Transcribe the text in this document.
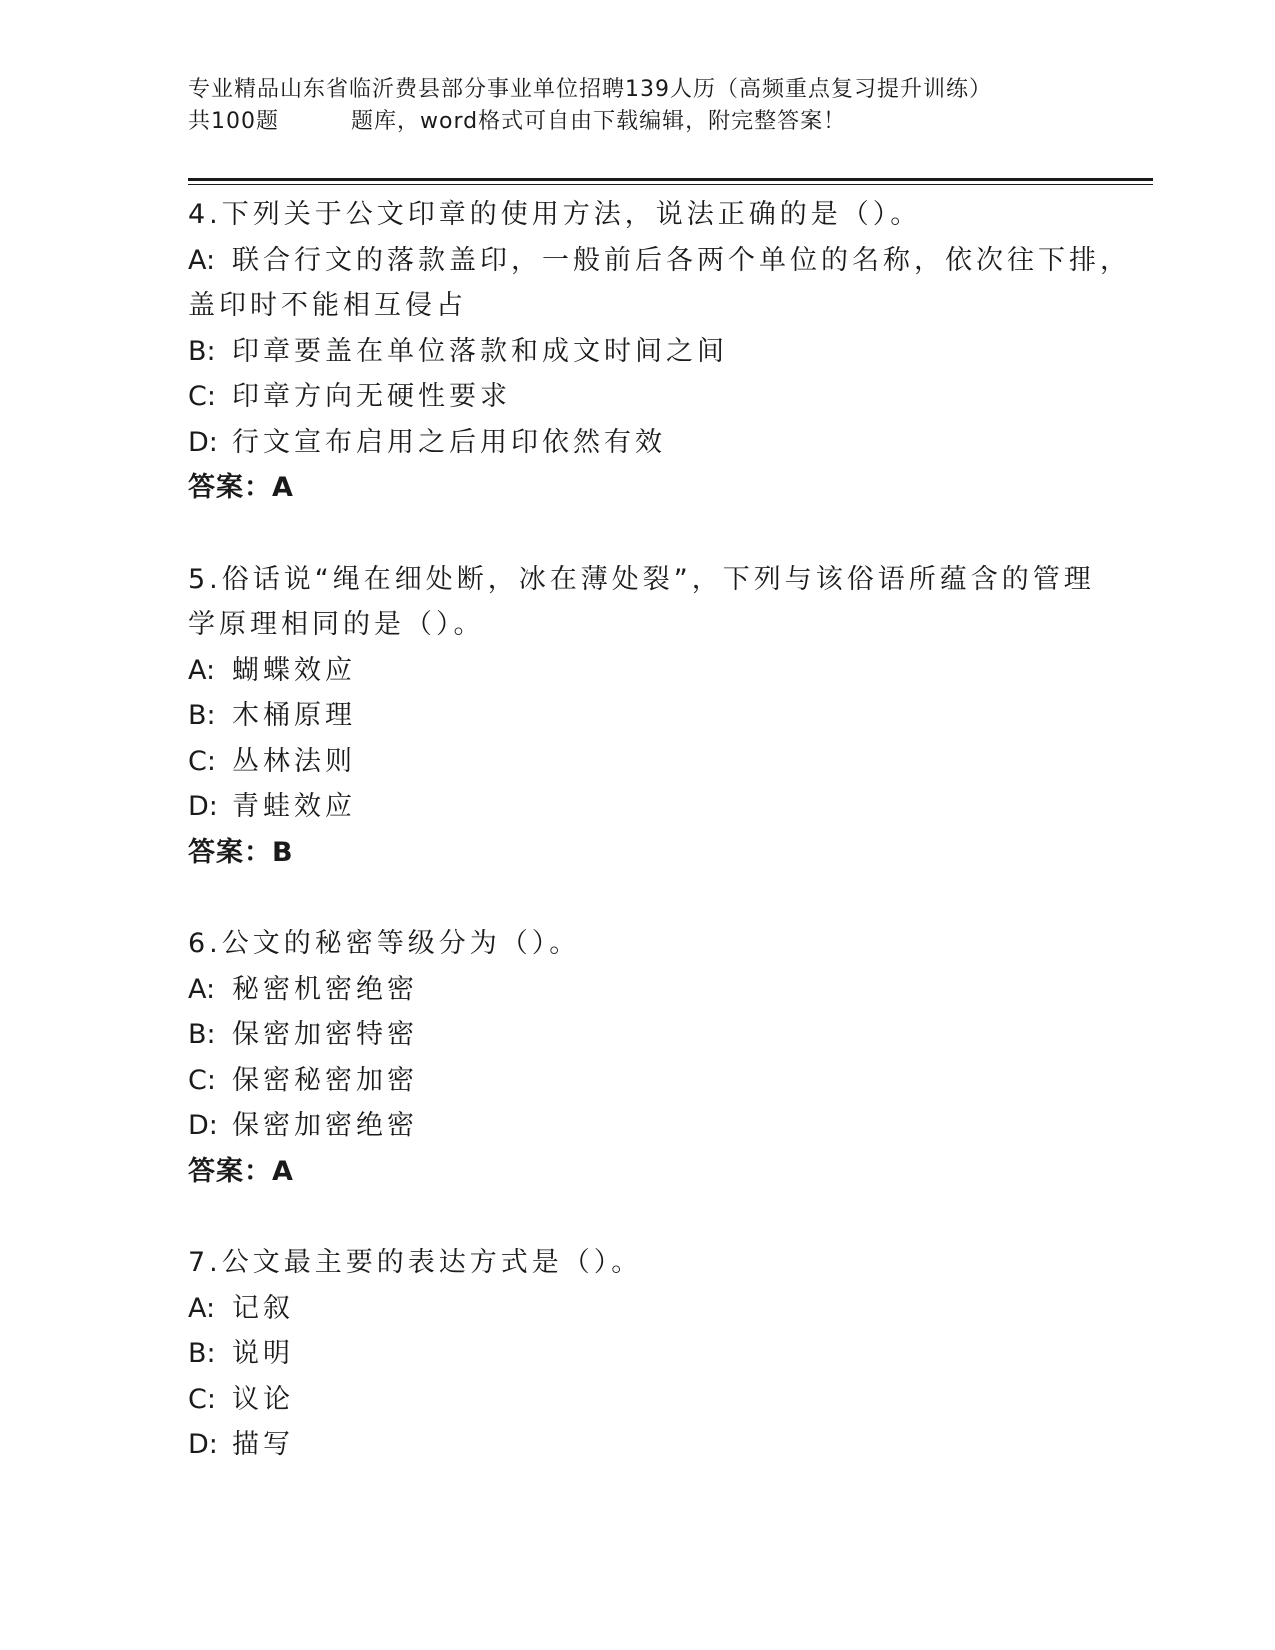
专业精品山东省临沂费县部分事业单位招聘139人历（高频重点复习提升训练）
共100题	题库，word格式可自由下载编辑，附完整答案！
4.下列关于公文印章的使用方法，说法正确的是（）。
A: 联合行文的落款盖印，一般前后各两个单位的名称，依次往下排，
盖印时不能相互侵占
B: 印章要盖在单位落款和成文时间之间
C: 印章方向无硬性要求
D: 行文宣布启用之后用印依然有效
答案：A
5.俗话说“绳在细处断，冰在薄处裂”，下列与该俗语所蕴含的管理
学原理相同的是（）。
A: 蝴蝶效应
B: 木桶原理
C: 丛林法则
D: 青蛙效应
答案：B
6.公文的秘密等级分为（）。
A: 秘密机密绝密
B: 保密加密特密
C: 保密秘密加密
D: 保密加密绝密
答案：A
7.公文最主要的表达方式是（）。
A: 记叙
B: 说明
C: 议论
D: 描写
